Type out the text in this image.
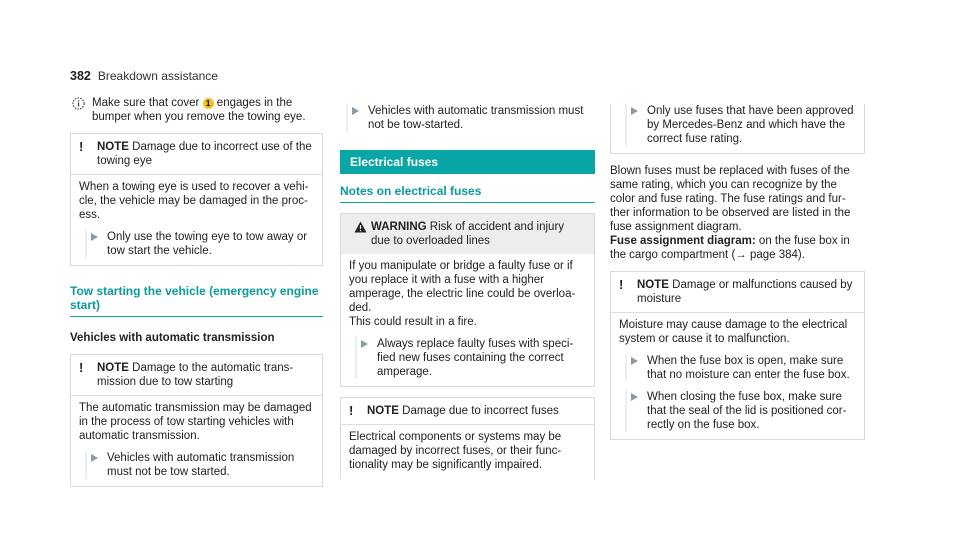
382 Breakdown assistance

Make sure that cover 1 engages in the bumper when you remove the towing eye.

!	NOTE Damage due to incorrect use of the towing eye

When a towing eye is used to recover a vehi-cle, the vehicle may be damaged in the proc-ess.

Only use the towing eye to tow away or tow start the vehicle.

Tow starting the vehicle (emergency engine start)

Vehicles with automatic transmission

!	NOTE Damage to the automatic trans-mission due to tow starting

The automatic transmission may be damaged in the process of tow starting vehicles with automatic transmission.

Vehicles with automatic transmission must not be tow started.

Vehicles with automatic transmission must not be tow-started.

Electrical fuses
Notes on electrical fuses

WARNING Risk of accident and injury due to overloaded lines

If you manipulate or bridge a faulty fuse or if you replace it with a fuse with a higher amperage, the electric line could be overloa-ded.

This could result in a fire.

Always replace faulty fuses with speci-fied new fuses containing the correct amperage.

!	NOTE Damage due to incorrect fuses

Electrical components or systems may be damaged by incorrect fuses, or their func-tionality may be significantly impaired.

Only use fuses that have been approved by Mercedes-Benz and which have the correct fuse rating.

Blown fuses must be replaced with fuses of the same rating, which you can recognize by the color and fuse rating. The fuse ratings and fur-ther information to be observed are listed in the fuse assignment diagram.

Fuse assignment diagram: on the fuse box in the cargo compartment (→ page 384).

!	NOTE Damage or malfunctions caused by moisture

Moisture may cause damage to the electrical system or cause it to malfunction.

When the fuse box is open, make sure that no moisture can enter the fuse box.

When closing the fuse box, make sure that the seal of the lid is positioned cor-rectly on the fuse box.
